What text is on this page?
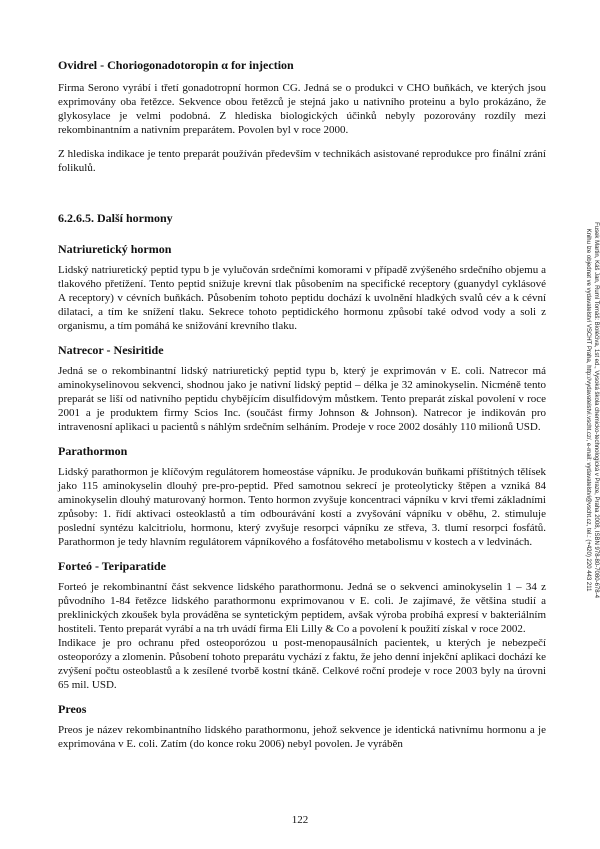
Ovidrel - Choriogonadotoropin α for injection

Firma Serono vyrábí i třetí gonadotropní hormon CG. Jedná se o produkci v CHO buňkách, ve kterých jsou exprimovány oba řetězce. Sekvence obou řetězců je stejná jako u nativního proteinu a bylo prokázáno, že glykosylace je velmi podobná. Z hlediska biologických účinků nebyly pozorovány rozdíly mezi rekombinantním a nativním preparátem. Povolen byl v roce 2000.

Z hlediska indikace je tento preparát používán především v technikách asistované reprodukce pro finální zrání folikulů.

6.2.6.5. Další hormony
Natriuretický hormon

Lidský natriuretický peptid typu b je vylučován srdečními komorami v případě zvýšeného srdečního objemu a tlakového přetížení. Tento peptid snižuje krevní tlak působením na specifické receptory (guanydyl cyklásové A receptory) v cévních buňkách. Působením tohoto peptidu dochází k uvolnění hladkých svalů cév a k cévní dilataci, a tím ke snížení tlaku. Sekrece tohoto peptidického hormonu způsobí také odvod vody a soli z organismu, a tím pomáhá ke snižování krevního tlaku.

Natrecor - Nesiritide

Jedná se o rekombinantní lidský natriuretický peptid typu b, který je exprimován v E. coli. Natrecor má aminokyselinovou sekvenci, shodnou jako je nativní lidský peptid – délka je 32 aminokyselin. Nicméně tento preparát se liší od nativního peptidu chybějícím disulfidovým můstkem. Tento preparát získal povolení v roce 2001 a je produktem firmy Scios Inc. (součást firmy Johnson & Johnson). Natrecor je indikován pro intravenosní aplikaci u pacientů s náhlým srdečním selháním. Prodeje v roce 2002 dosáhly 110 milionů USD.

Parathormon

Lidský parathormon je klíčovým regulátorem homeostáse vápníku. Je produkován buňkami příštitných tělísek jako 115 aminokyselin dlouhý pre-pro-peptid. Před samotnou sekrecí je proteolyticky štěpen a vzniká 84 aminokyselin dlouhý maturovaný hormon. Tento hormon zvyšuje koncentraci vápníku v krvi třemi základními způsoby: 1. řídí aktivaci osteoklastů a tím odbourávání kostí a zvyšování vápníku v oběhu, 2. stimuluje poslední syntézu kalcitriolu, hormonu, který zvyšuje resorpci vápníku ze střeva, 3. tlumí resorpci fosfátů. Parathormon je tedy hlavním regulátorem vápníkového a fosfátového metabolismu v kostech a v ledvinách.

Forteó - Teriparatide

Forteó je rekombinantní část sekvence lidského parathormonu. Jedná se o sekvenci aminokyselin 1 – 34 z původního 1-84 řetězce lidského parathormonu exprimovanou v E. coli. Je zajímavé, že většina studií a preklinických zkoušek byla prováděna se syntetickým peptidem, avšak výroba probíhá expresí v bakteriálním hostiteli. Tento preparát vyrábí a na trh uvádí firma Eli Lilly & Co a povolení k použití získal v roce 2002.

Indikace je pro ochranu před osteoporózou u post-menopausálních pacientek, u kterých je nebezpečí osteoporózy a zlomenin. Působení tohoto preparátu vychází z faktu, že jeho denní injekční aplikaci dochází ke zvýšení počtu osteoblastů a k zesílené tvorbě kostní tkáně. Celkové roční prodeje v roce 2003 byly na úrovni 65 mil. USD.

Preos

Preos je název rekombinantního lidského parathormonu, jehož sekvence je identická nativnímu hormonu a je exprimována v E. coli. Zatím (do konce roku 2006) nebyl povolen. Je vyráběn

122
Fusek Martin, Káš Jan, Ruml Tomáš: Bioléčiva, 1st ed., Vysoká škola chemicko-technologická v Praze, Praha 2008, ISBN 978-80-7080-678-4
Knihu lze objednat ve vydavatelství VŠCHT Praha, http://vydavatelstvi.vscht.cz/, e-mail: vydavatelstvi@vscht.cz, tel.: (+420) 220 443 211
